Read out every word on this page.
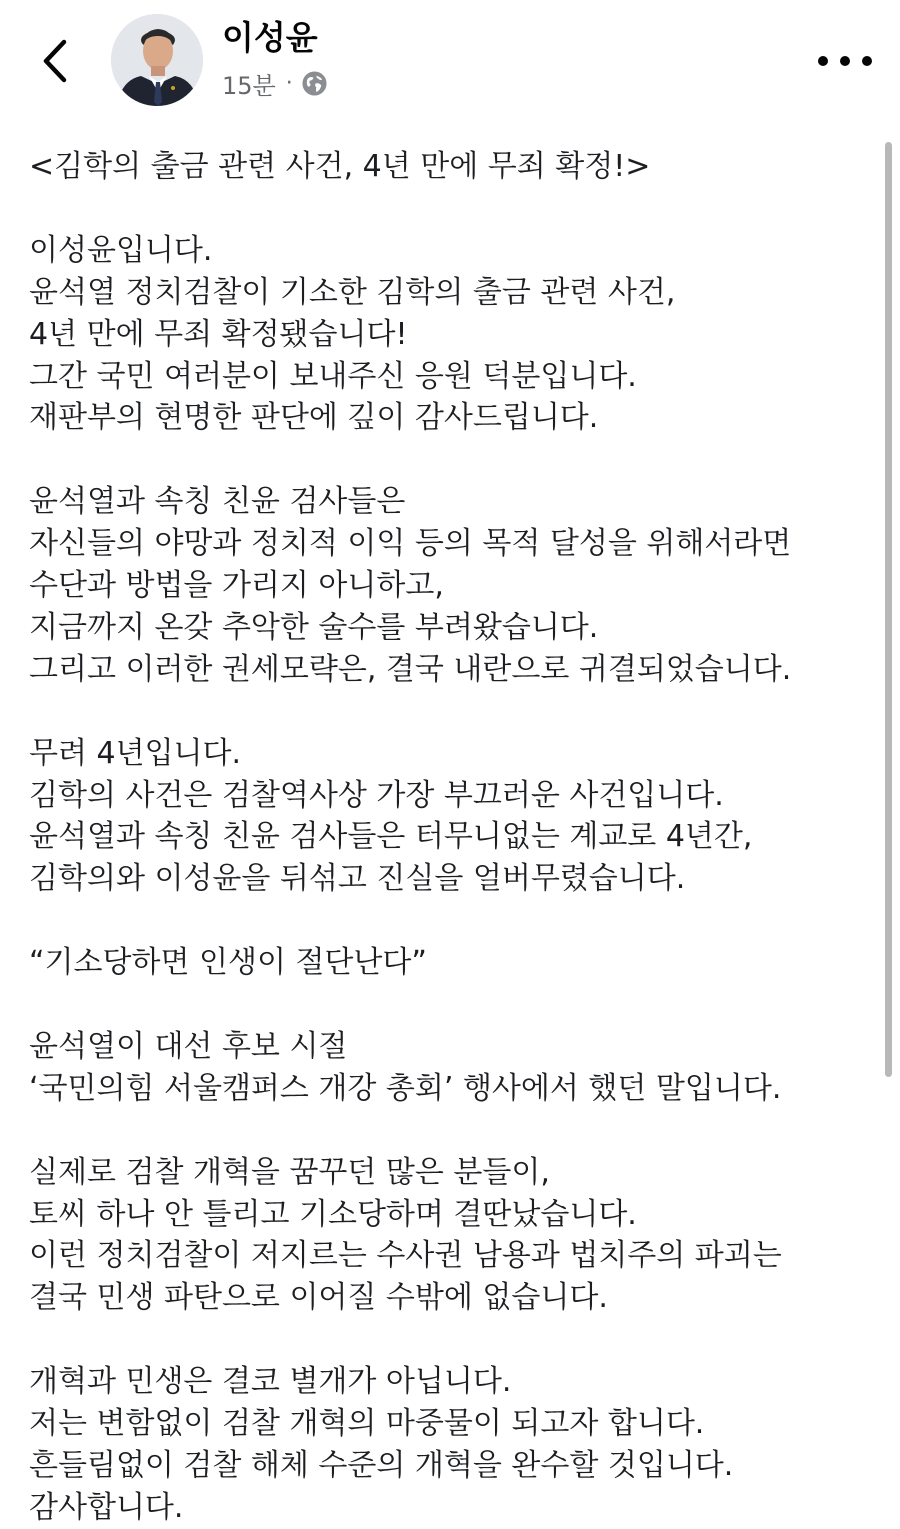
이성윤
15분 ·
<김학의 출금 관련 사건, 4년 만에 무죄 확정!>
이성윤입니다.
윤석열 정치검찰이 기소한 김학의 출금 관련 사건,
4년 만에 무죄 확정됐습니다!
그간 국민 여러분이 보내주신 응원 덕분입니다.
재판부의 현명한 판단에 깊이 감사드립니다.
윤석열과 속칭 친윤 검사들은
자신들의 야망과 정치적 이익 등의 목적 달성을 위해서라면
수단과 방법을 가리지 아니하고,
지금까지 온갖 추악한 술수를 부려왔습니다.
그리고 이러한 권세모략은, 결국 내란으로 귀결되었습니다.
무려 4년입니다.
김학의 사건은 검찰역사상 가장 부끄러운 사건입니다.
윤석열과 속칭 친윤 검사들은 터무니없는 계교로 4년간,
김학의와 이성윤을 뒤섞고 진실을 얼버무렸습니다.
“기소당하면 인생이 절단난다”
윤석열이 대선 후보 시절
‘국민의힘 서울캠퍼스 개강 총회’ 행사에서 했던 말입니다.
실제로 검찰 개혁을 꿈꾸던 많은 분들이,
토씨 하나 안 틀리고 기소당하며 결딴났습니다.
이런 정치검찰이 저지르는 수사권 남용과 법치주의 파괴는
결국 민생 파탄으로 이어질 수밖에 없습니다.
개혁과 민생은 결코 별개가 아닙니다.
저는 변함없이 검찰 개혁의 마중물이 되고자 합니다.
흔들림없이 검찰 해체 수준의 개혁을 완수할 것입니다.
감사합니다.
